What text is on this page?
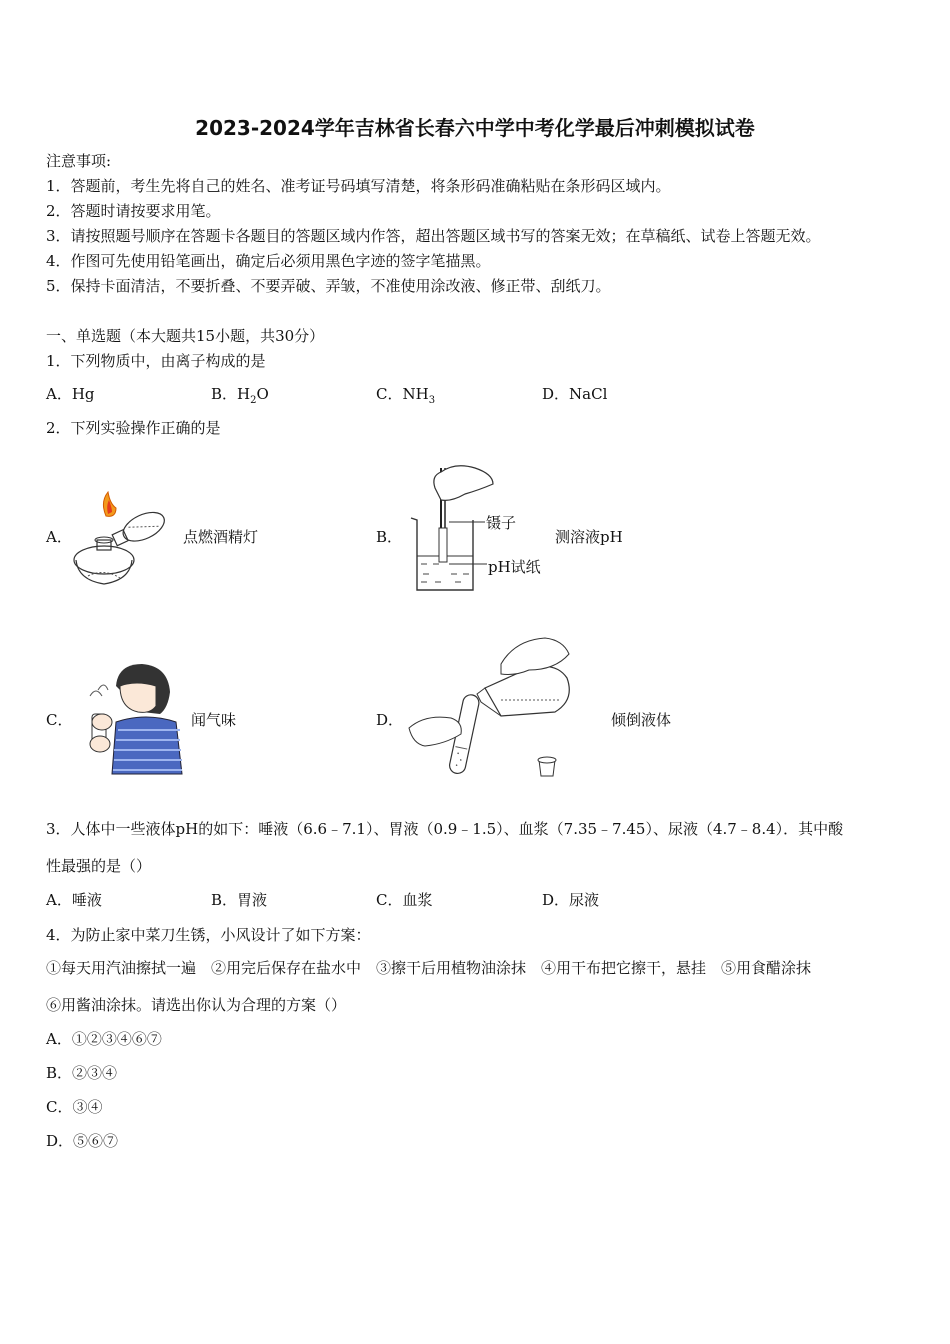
2023-2024学年吉林省长春六中学中考化学最后冲刺模拟试卷
注意事项:
1．答题前，考生先将自己的姓名、准考证号码填写清楚，将条形码准确粘贴在条形码区域内。
2．答题时请按要求用笔。
3．请按照题号顺序在答题卡各题目的答题区域内作答，超出答题区域书写的答案无效；在草稿纸、试卷上答题无效。
4．作图可先使用铅笔画出，确定后必须用黑色字迹的签字笔描黑。
5．保持卡面清洁，不要折叠、不要弄破、弄皱，不准使用涂改液、修正带、刮纸刀。
一、单选题（本大题共15小题，共30分）
1．下列物质中，由离子构成的是
A．Hg	B．$H_2O$	C．$NH_3$	D．NaCl
2．下列实验操作正确的是
A．	点燃酒精灯	B．
镊子
pH试纸
测溶液pH
C．	闻气味	D．	倾倒液体
3．人体中一些液体pH的如下：唾液（6.6﹣7.1）、胃液（0.9﹣1.5）、血浆（7.35﹣7.45）、尿液（4.7﹣8.4）．其中酸
性最强的是（）
A．唾液	B．胃液	C．血浆	D．尿液
4．为防止家中菜刀生锈，小风设计了如下方案：
①每天用汽油擦拭一遍　②用完后保存在盐水中　③擦干后用植物油涂抹　④用干布把它擦干，悬挂　⑤用食醋涂抹
⑥用酱油涂抹。请选出你认为合理的方案（）
A．①②③④⑥⑦
B．②③④
C．③④
D．⑤⑥⑦
